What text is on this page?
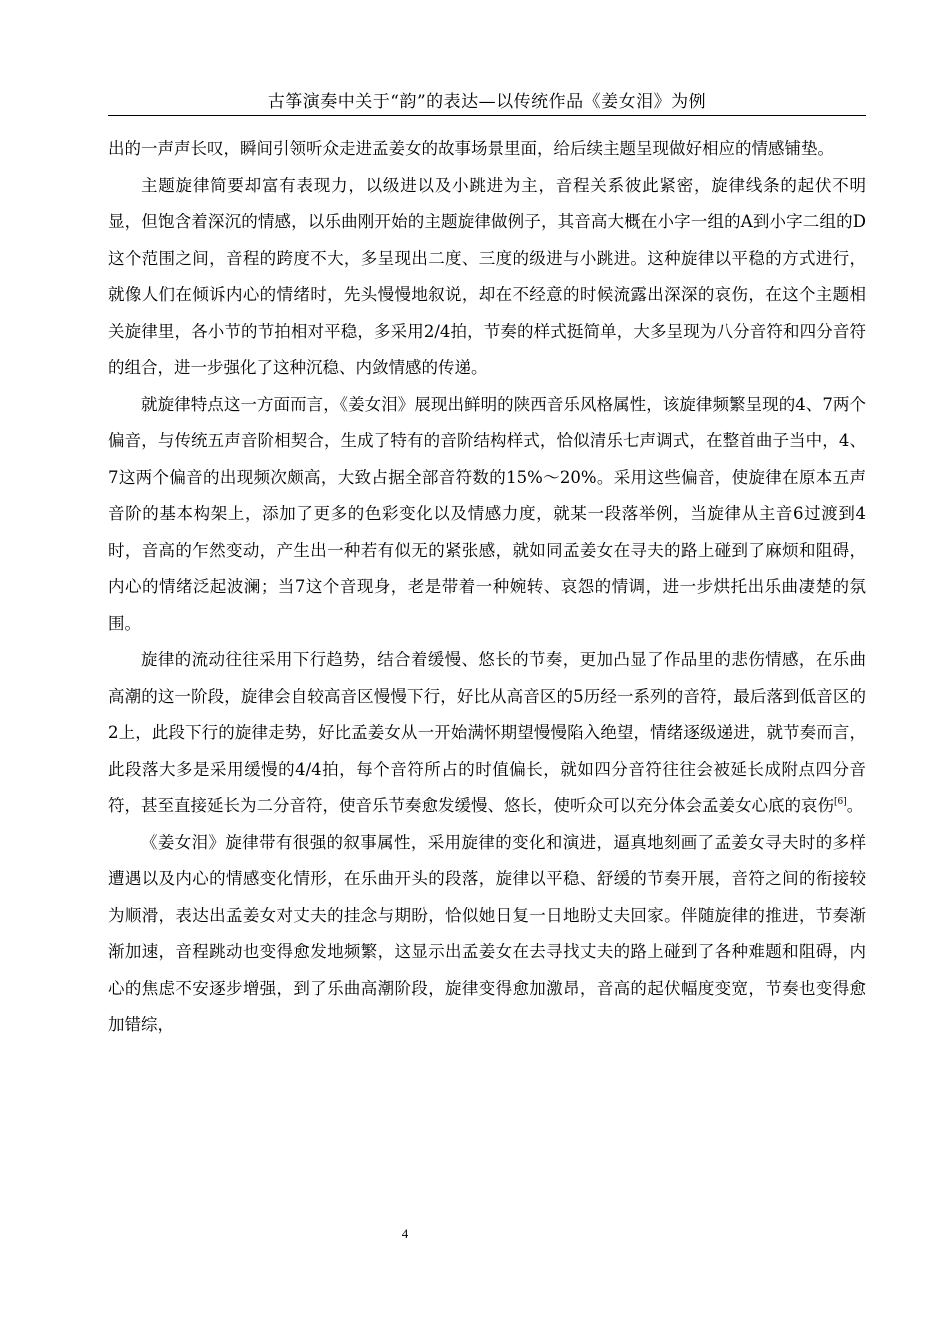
古筝演奏中关于“韵”的表达—以传统作品《姜女泪》为例

出的一声声长叹，瞬间引领听众走进孟姜女的故事场景里面，给后续主题呈现做好相应的情感铺垫。

主题旋律简要却富有表现力，以级进以及小跳进为主，音程关系彼此紧密，旋律线条的起伏不明显，但饱含着深沉的情感，以乐曲刚开始的主题旋律做例子，其音高大概在小字一组的A到小字二组的D这个范围之间，音程的跨度不大，多呈现出二度、三度的级进与小跳进。这种旋律以平稳的方式进行，就像人们在倾诉内心的情绪时，先头慢慢地叙说，却在不经意的时候流露出深深的哀伤，在这个主题相关旋律里，各小节的节拍相对平稳，多采用2/4拍，节奏的样式挺简单，大多呈现为八分音符和四分音符的组合，进一步强化了这种沉稳、内敛情感的传递。

就旋律特点这一方面而言，《姜女泪》展现出鲜明的陕西音乐风格属性，该旋律频繁呈现的4、7两个偏音，与传统五声音阶相契合，生成了特有的音阶结构样式，恰似清乐七声调式，在整首曲子当中，4、7这两个偏音的出现频次颇高，大致占据全部音符数的15%～20%。采用这些偏音，使旋律在原本五声音阶的基本构架上，添加了更多的色彩变化以及情感力度，就某一段落举例，当旋律从主音6过渡到4时，音高的乍然变动，产生出一种若有似无的紧张感，就如同孟姜女在寻夫的路上碰到了麻烦和阻碍，内心的情绪泛起波澜；当7这个音现身，老是带着一种婉转、哀怨的情调，进一步烘托出乐曲凄楚的氛围。

旋律的流动往往采用下行趋势，结合着缓慢、悠长的节奏，更加凸显了作品里的悲伤情感，在乐曲高潮的这一阶段，旋律会自较高音区慢慢下行，好比从高音区的5历经一系列的音符，最后落到低音区的2上，此段下行的旋律走势，好比孟姜女从一开始满怀期望慢慢陷入绝望，情绪逐级递进，就节奏而言，此段落大多是采用缓慢的4/4拍，每个音符所占的时值偏长，就如四分音符往往会被延长成附点四分音符，甚至直接延长为二分音符，使音乐节奏愈发缓慢、悠长，使听众可以充分体会孟姜女心底的哀伤[6]。

《姜女泪》旋律带有很强的叙事属性，采用旋律的变化和演进，逼真地刻画了孟姜女寻夫时的多样遭遇以及内心的情感变化情形，在乐曲开头的段落，旋律以平稳、舒缓的节奏开展，音符之间的衔接较为顺滑，表达出孟姜女对丈夫的挂念与期盼，恰似她日复一日地盼丈夫回家。伴随旋律的推进，节奏渐渐加速，音程跳动也变得愈发地频繁，这显示出孟姜女在去寻找丈夫的路上碰到了各种难题和阻碍，内心的焦虑不安逐步增强，到了乐曲高潮阶段，旋律变得愈加激昂，音高的起伏幅度变宽，节奏也变得愈加错综，

4
